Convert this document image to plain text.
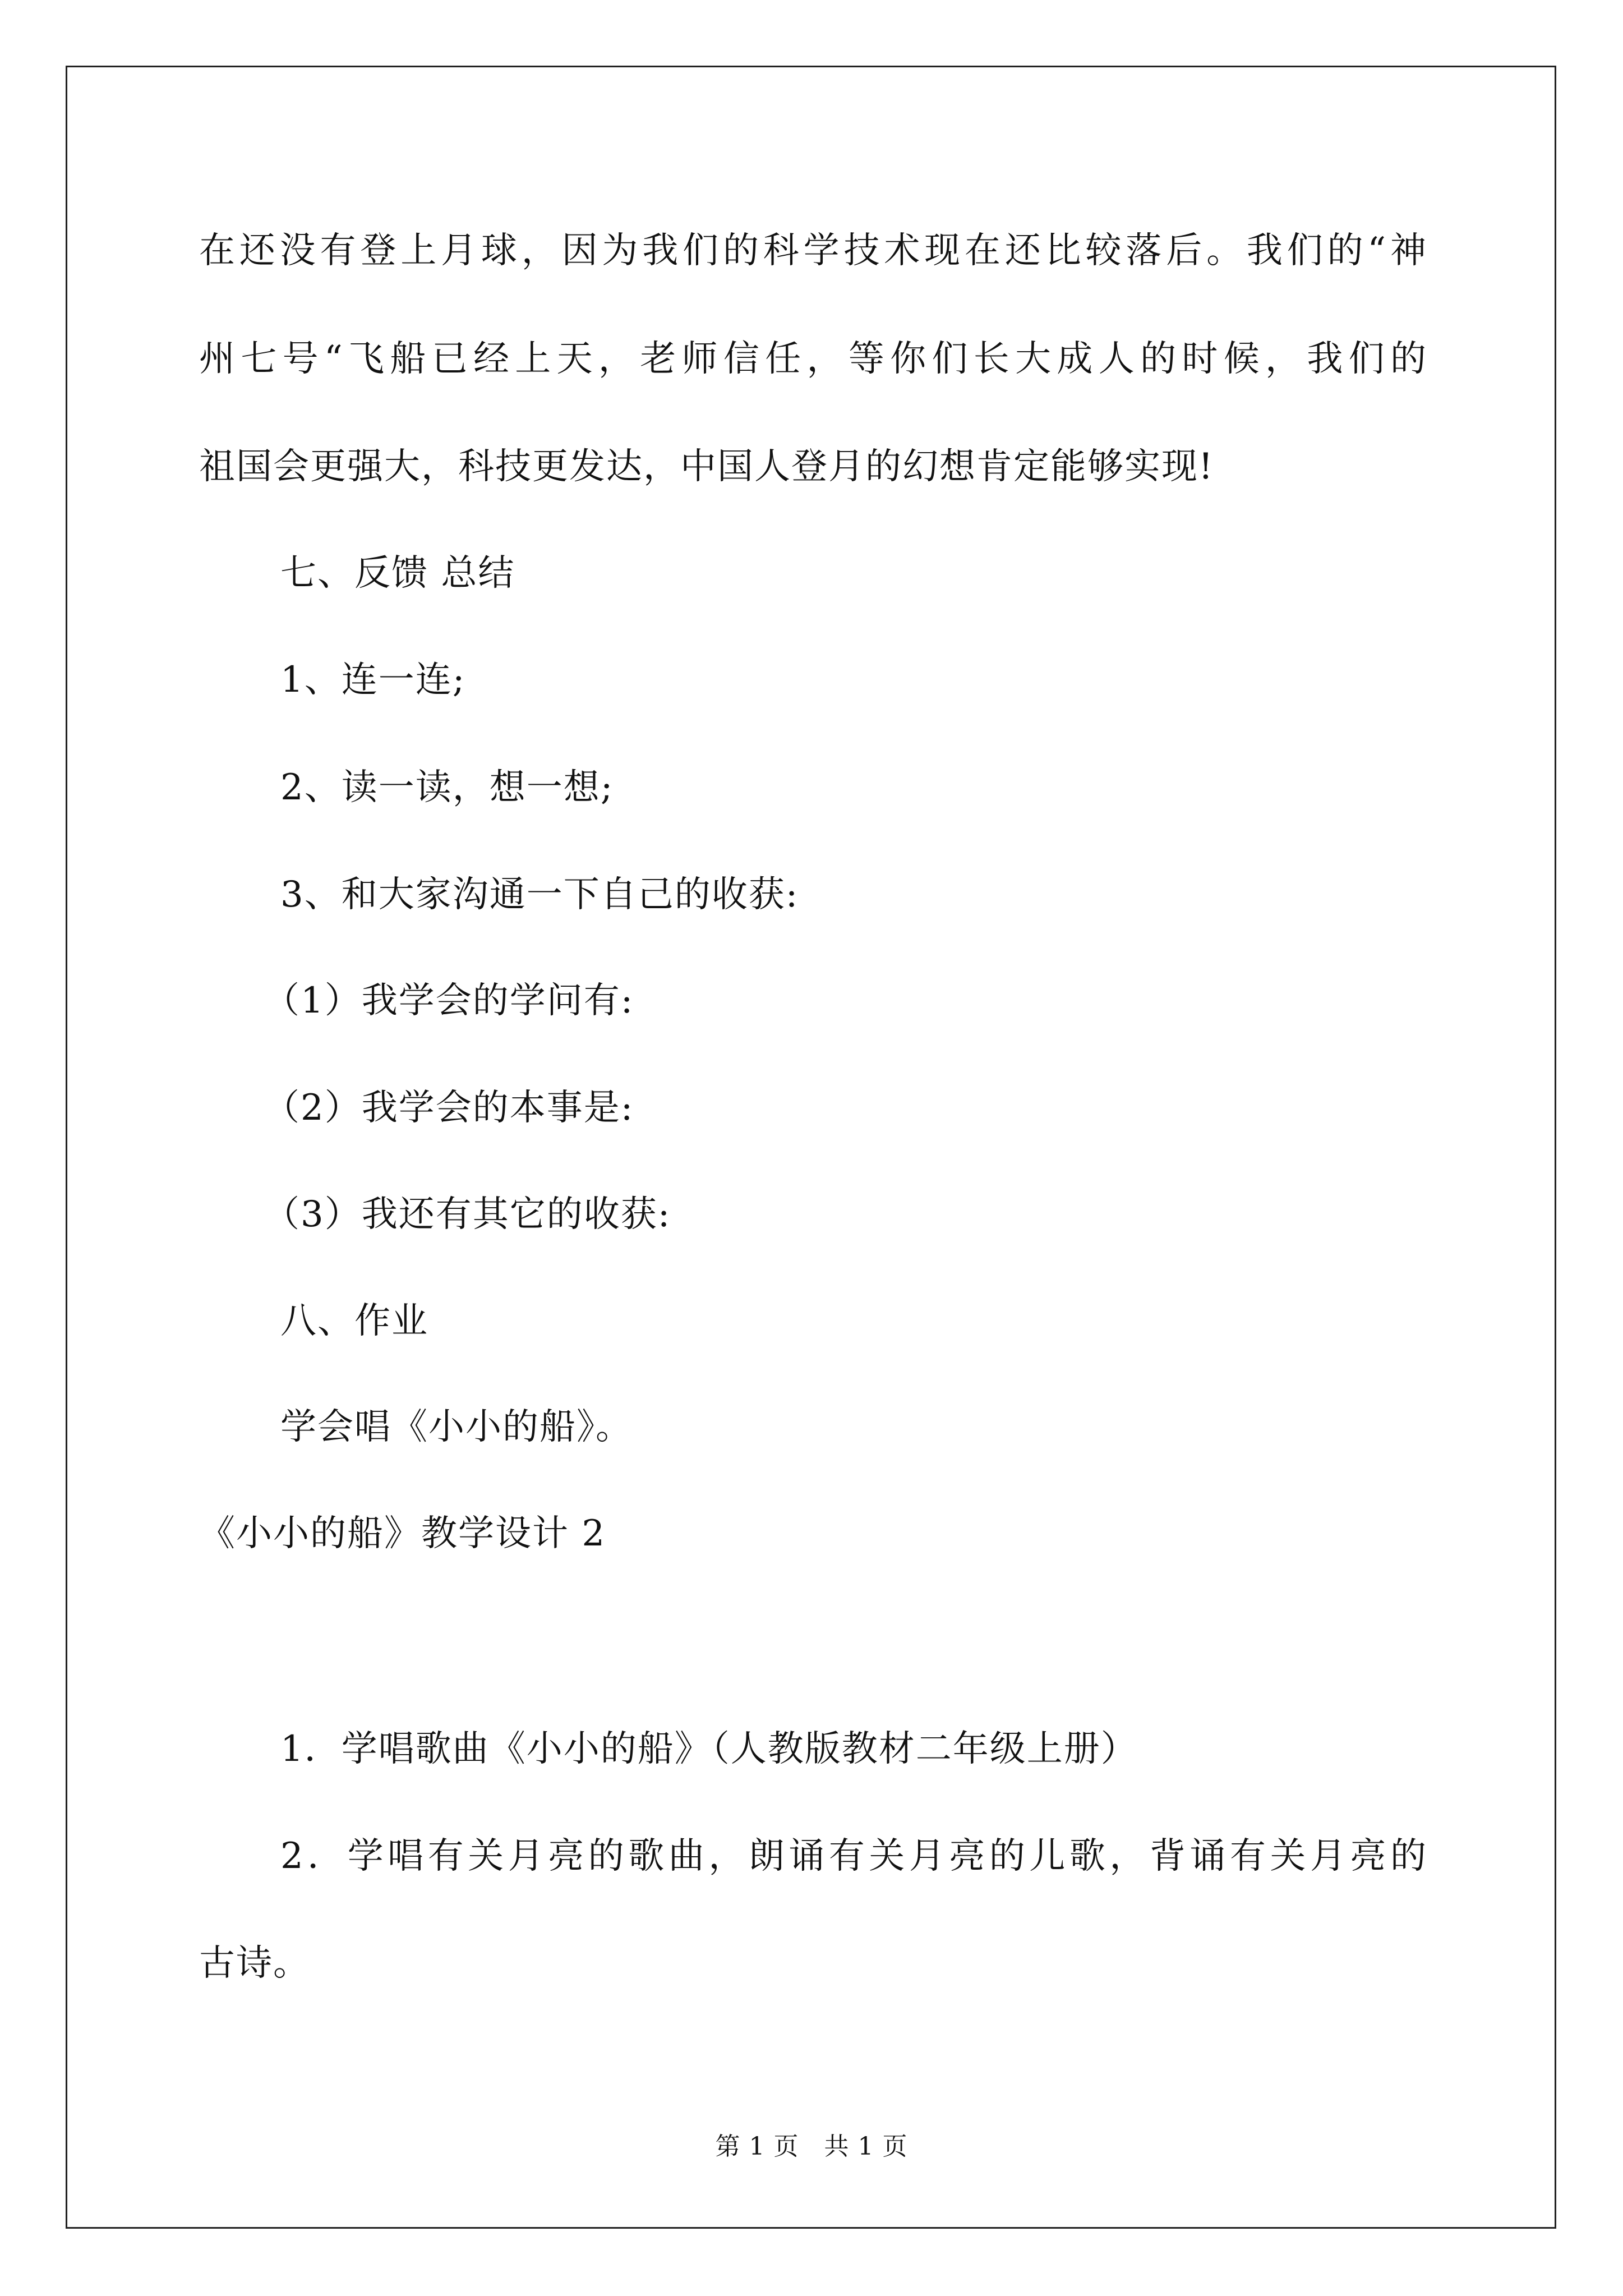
在还没有登上月球，因为我们的科学技术现在还比较落后。我们的“神
州七号“飞船已经上天，老师信任，等你们长大成人的时候，我们的
祖国会更强大，科技更发达，中国人登月的幻想肯定能够实现!
七、反馈 总结
1、连一连;
2、读一读，想一想;
3、和大家沟通一下自己的收获:
（1）我学会的学问有:
（2）我学会的本事是:
（3）我还有其它的收获:
八、作业
学会唱《小小的船》。
《小小的船》教学设计 2
1．学唱歌曲《小小的船》（人教版教材二年级上册）
2．学唱有关月亮的歌曲，朗诵有关月亮的儿歌，背诵有关月亮的
古诗。
第 1 页　共 1 页
